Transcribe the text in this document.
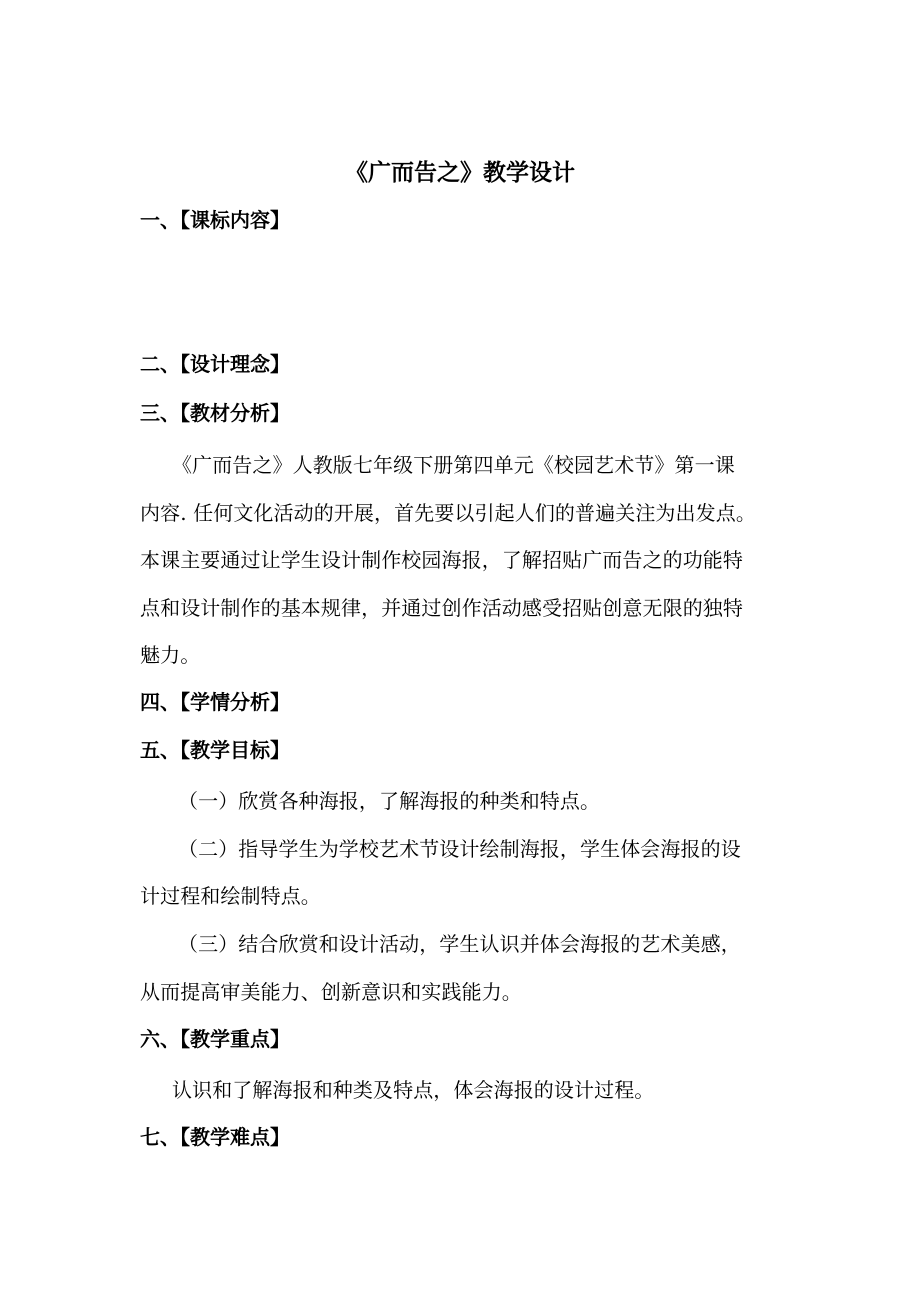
《广而告之》教学设计
一、【课标内容】
二、【设计理念】
三、【教材分析】
《广而告之》人教版七年级下册第四单元《校园艺术节》第一课
内容. 任何文化活动的开展，首先要以引起人们的普遍关注为出发点。
本课主要通过让学生设计制作校园海报，了解招贴广而告之的功能特
点和设计制作的基本规律，并通过创作活动感受招贴创意无限的独特
魅力。
四、【学情分析】
五、【教学目标】
（一）欣赏各种海报，了解海报的种类和特点。
（二）指导学生为学校艺术节设计绘制海报，学生体会海报的设
计过程和绘制特点。
（三）结合欣赏和设计活动，学生认识并体会海报的艺术美感，
从而提高审美能力、创新意识和实践能力。
六、【教学重点】
认识和了解海报和种类及特点，体会海报的设计过程。
七、【教学难点】
